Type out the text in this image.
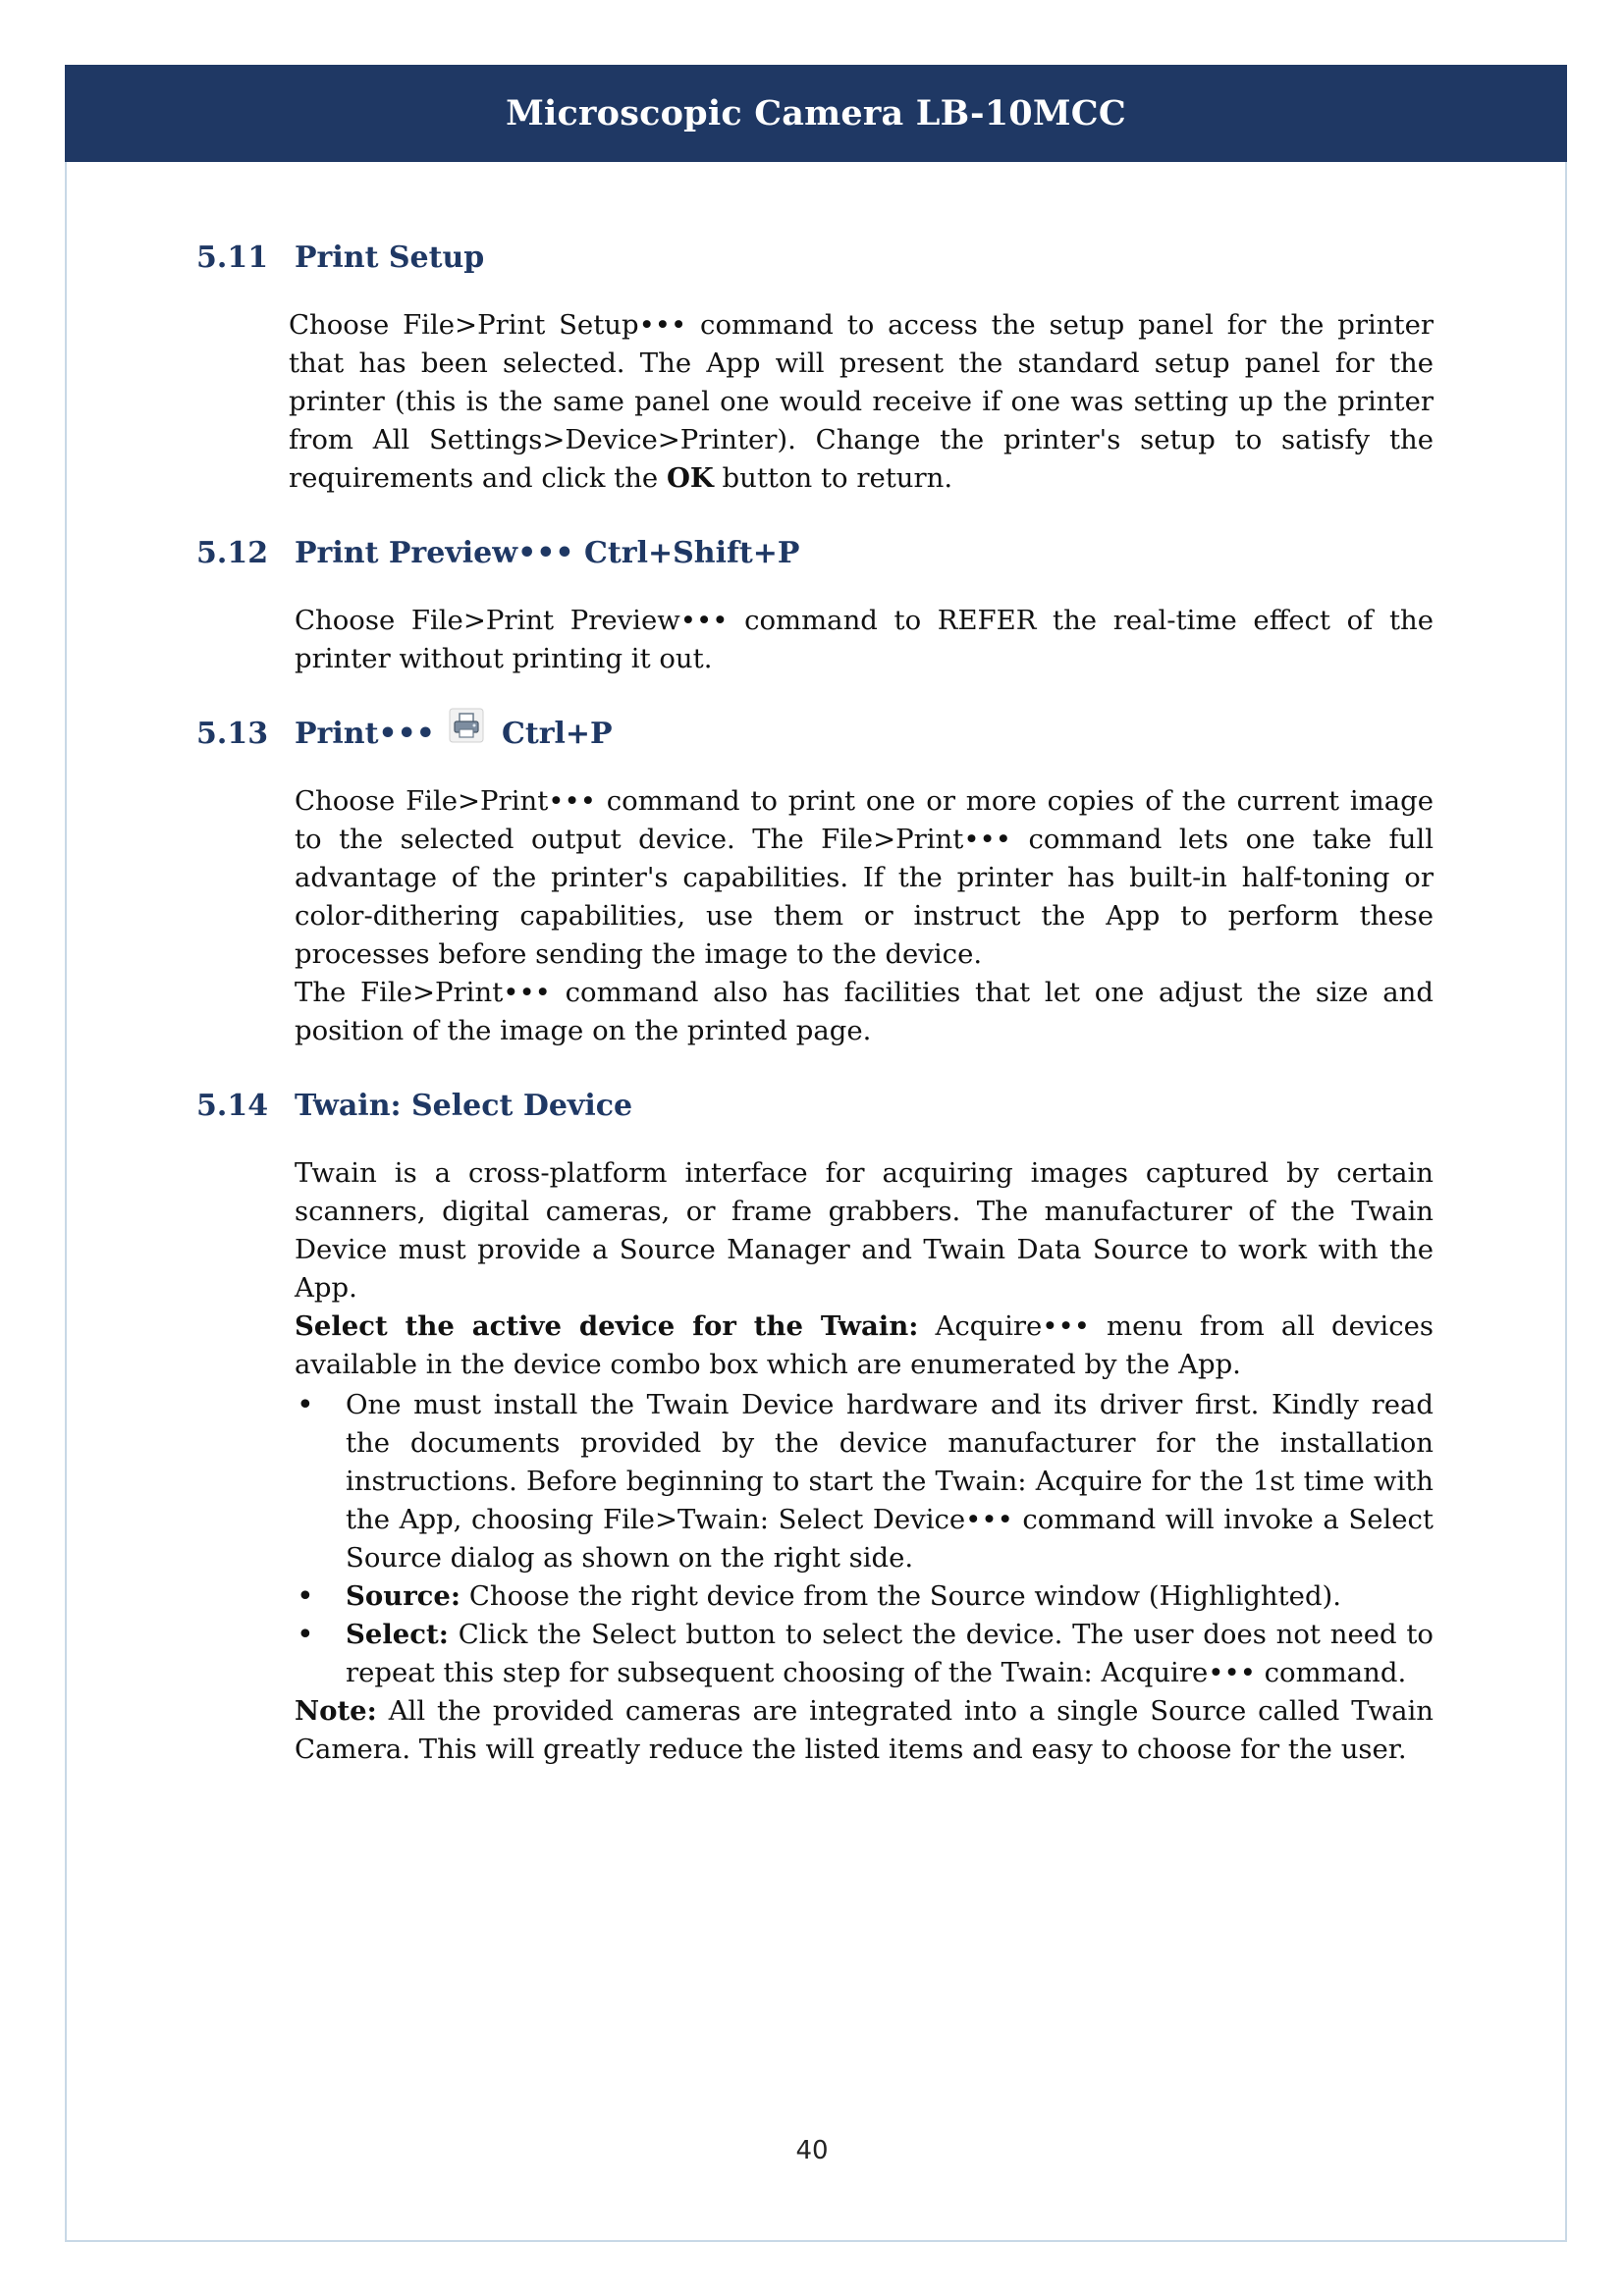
Microscopic Camera LB-10MCC
5.11 Print Setup

Choose File>Print Setup••• command to access the setup panel for the printer that has been selected. The App will present the standard setup panel for the printer (this is the same panel one would receive if one was setting up the printer from All Settings>Device>Printer). Change the printer's setup to satisfy the requirements and click the OK button to return.

5.12 Print Preview••• Ctrl+Shift+P

Choose File>Print Preview••• command to REFER the real-time effect of the printer without printing it out.

5.13 Print••• Ctrl+P

Choose File>Print••• command to print one or more copies of the current image to the selected output device. The File>Print••• command lets one take full advantage of the printer's capabilities. If the printer has built-in half-toning or color-dithering capabilities, use them or instruct the App to perform these processes before sending the image to the device.

The File>Print••• command also has facilities that let one adjust the size and position of the image on the printed page.

5.14 Twain: Select Device

Twain is a cross-platform interface for acquiring images captured by certain scanners, digital cameras, or frame grabbers. The manufacturer of the Twain Device must provide a Source Manager and Twain Data Source to work with the App.

Select the active device for the Twain: Acquire••• menu from all devices available in the device combo box which are enumerated by the App.

• One must install the Twain Device hardware and its driver first. Kindly read the documents provided by the device manufacturer for the installation instructions. Before beginning to start the Twain: Acquire for the 1st time with the App, choosing File>Twain: Select Device••• command will invoke a Select Source dialog as shown on the right side.
• Source: Choose the right device from the Source window (Highlighted).
• Select: Click the Select button to select the device. The user does not need to repeat this step for subsequent choosing of the Twain: Acquire••• command.

Note: All the provided cameras are integrated into a single Source called Twain Camera. This will greatly reduce the listed items and easy to choose for the user.

40
